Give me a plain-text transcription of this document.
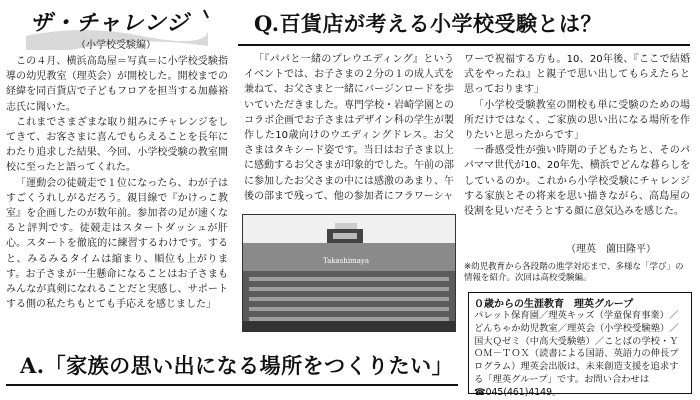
ザ・チャレンジ
（小学校受験編）
Q.百貨店が考える小学校受験とは？

この４月、横浜高島屋＝写真＝に小学校受験指導の幼児教室（理英会）が開校した。開校までの経緯を同百貨店で子どもフロアを担当する加藤裕志氏に聞いた。

これまでさまざまな取り組みにチャレンジをしてきて、お客さまに喜んでもらえることを長年にわたり追求した結果、今回、小学校受験の教室開校に至ったと語ってくれた。

「運動会の徒競走で１位になったら、わが子はすごくうれしがるだろう。親目線で『かけっこ教室』を企画したのが数年前。参加者の足が速くなると評判です。徒競走はスタートダッシュが肝心。スタートを徹底的に練習するわけです。すると、みるみるタイムは縮まり、順位も上がります。お子さまが一生懸命になることはお子さまもみんなが真剣になれることだと実感し、サポートする側の私たちもとても手応えを感じました」

「『パパと一緒のプレウエディング』というイベントでは、お子さまの２分の１の成人式を兼ねて、お父さまと一緒にバージンロードを歩いていただきました。専門学校・岩崎学園とのコラボ企画でお子さまはデザイン科の学生が製作した10歳向けのウエディングドレス。お父さまはタキシード姿です。当日はお子さま以上に感動するお父さまが印象的でした。午前の部に参加したお父さまの中には感激のあまり、午後の部まで残って、他の参加者にフラワーシャ

Takashimaya

ワーで祝福する方も。10、20年後、『ここで結婚式をやったね』と親子で思い出してもらえたらと思っております」

「小学校受験教室の開校も単に受験のための場所だけではなく、ご家族の思い出になる場所を作りたいと思ったからです」

一番感受性が強い時期の子どもたちと、そのパパママ世代が10、20年先、横浜でどんな暮らしをしているのか。これから小学校受験にチャレンジする家族とその将来を思い描きながら、高島屋の役割を見いだそうとする顔に意気込みを感じた。

（理英　薗田隆平）
※幼児教育から各段階の進学対応まで、多様な「学び」の情報を紹介。次回は高校受験編。
A.「家族の思い出になる場所をつくりたい」
０歳からの生涯教育　理英グループ
パレット保育園／理英キッズ（学童保育事業）／どんちゃか幼児教室／理英会（小学校受験塾）／国大Ｑゼミ（中高大受験塾）／ことばの学校・ＹＯＭ－ＴＯＸ（読書による国語、英語力の伸長プログラム）理英会出版は、未来創造支援を追求する「理英グループ」です。お問い合わせは☎045(461)4149。
